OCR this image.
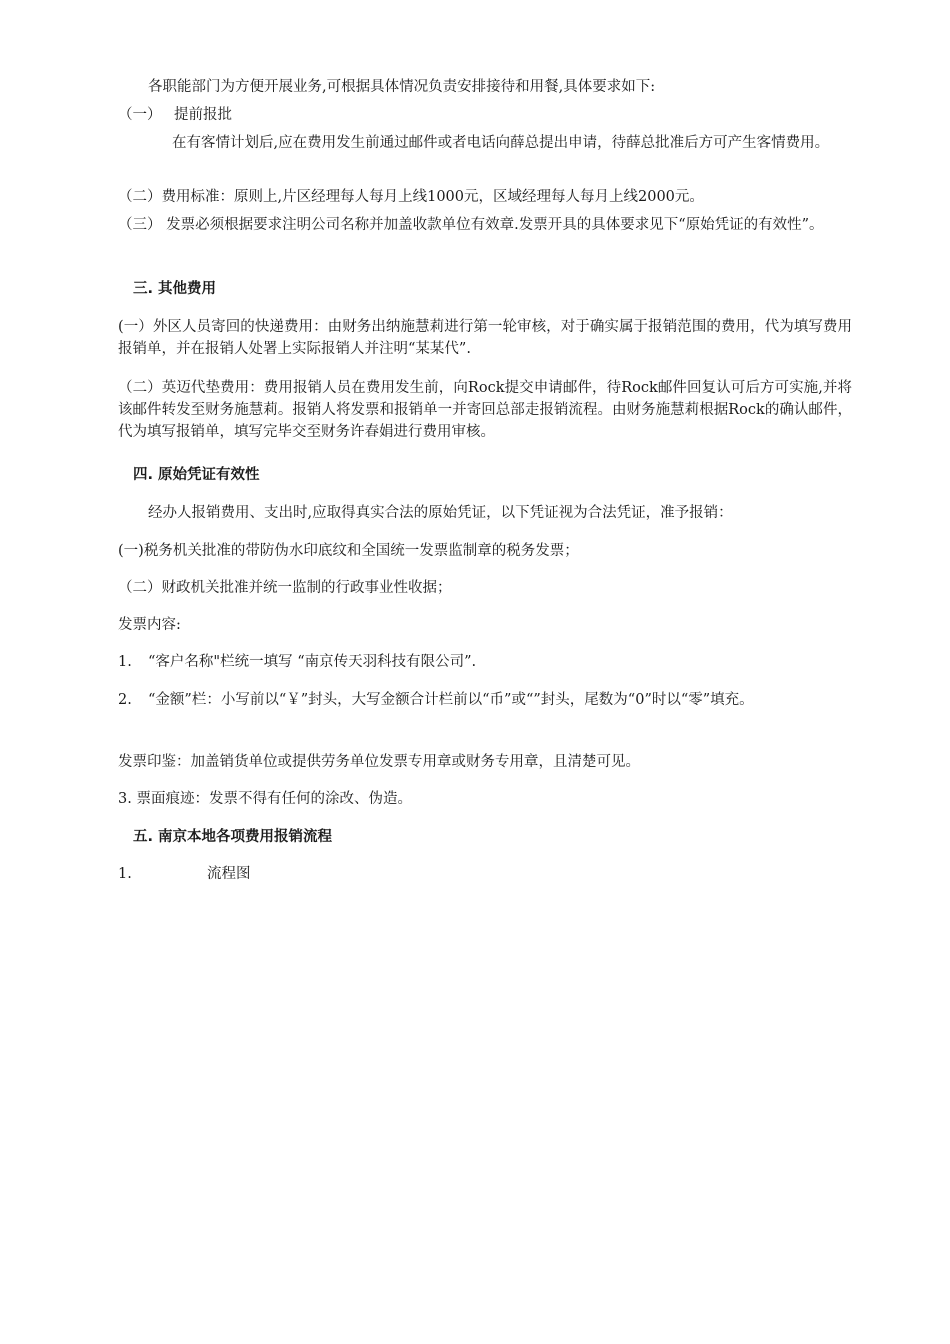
各职能部门为方便开展业务,可根据具体情况负责安排接待和用餐,具体要求如下:
（一） 提前报批
在有客情计划后,应在费用发生前通过邮件或者电话向薛总提出申请，待薛总批准后方可产生客情费用。
（二）费用标准：原则上,片区经理每人每月上线1000元，区域经理每人每月上线2000元。
（三） 发票必须根据要求注明公司名称并加盖收款单位有效章.发票开具的具体要求见下“原始凭证的有效性”。
三. 其他费用
(一）外区人员寄回的快递费用：由财务出纳施慧莉进行第一轮审核，对于确实属于报销范围的费用，代为填写费用报销单，并在报销人处署上实际报销人并注明“某某代”.
（二）英迈代垫费用：费用报销人员在费用发生前，向Rock提交申请邮件，待Rock邮件回复认可后方可实施,并将该邮件转发至财务施慧莉。报销人将发票和报销单一并寄回总部走报销流程。由财务施慧莉根据Rock的确认邮件，代为填写报销单，填写完毕交至财务许春娟进行费用审核。
四. 原始凭证有效性
经办人报销费用、支出时,应取得真实合法的原始凭证，以下凭证视为合法凭证，准予报销：
(一)税务机关批准的带防伪水印底纹和全国统一发票监制章的税务发票；
（二）财政机关批准并统一监制的行政事业性收据；
发票内容:
1. “客户名称"栏统一填写 “南京传天羽科技有限公司”.
2. “金额”栏：小写前以“￥”封头，大写金额合计栏前以“币”或“”封头，尾数为“0”时以“零”填充。
发票印鉴：加盖销货单位或提供劳务单位发票专用章或财务专用章，且清楚可见。
3. 票面痕迹：发票不得有任何的涂改、伪造。
五. 南京本地各项费用报销流程
1.	流程图
